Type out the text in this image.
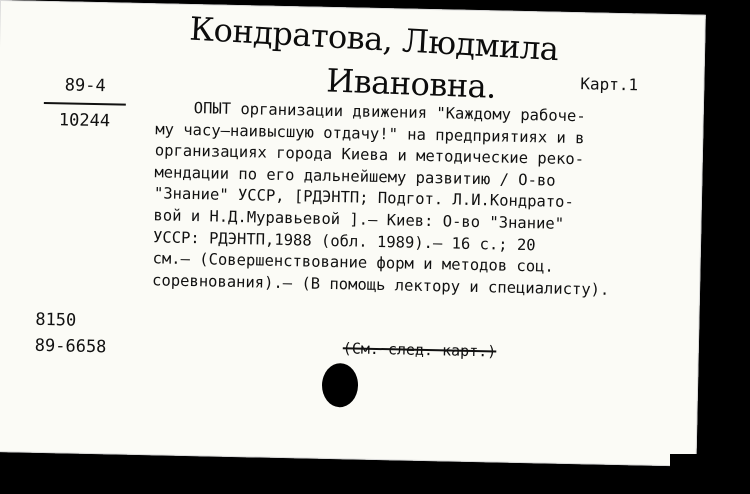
Кондратова, Людмила
Ивановна.	Карт.1
89-4
10244	ОПЫТ организации движения "Каждому рабоче-
му часу–наивысшую отдачу!" на предприятиях и в
организациях города Киева и методические реко-
мендации по его дальнейшему развитию / О-во
"Знание" УССР, [РДЭНТП; Подгот. Л.И.Кондрато-
вой и Н.Д.Муравьевой ].– Киев: О-во "Знание"
УССР: РДЭНТП,1988 (обл. 1989).– 16 с.; 20
см.– (Совершенствование форм и методов соц.
соревнования).– (В помощь лектору и специалисту).
(См. след. карт.)
8150
89-6658
